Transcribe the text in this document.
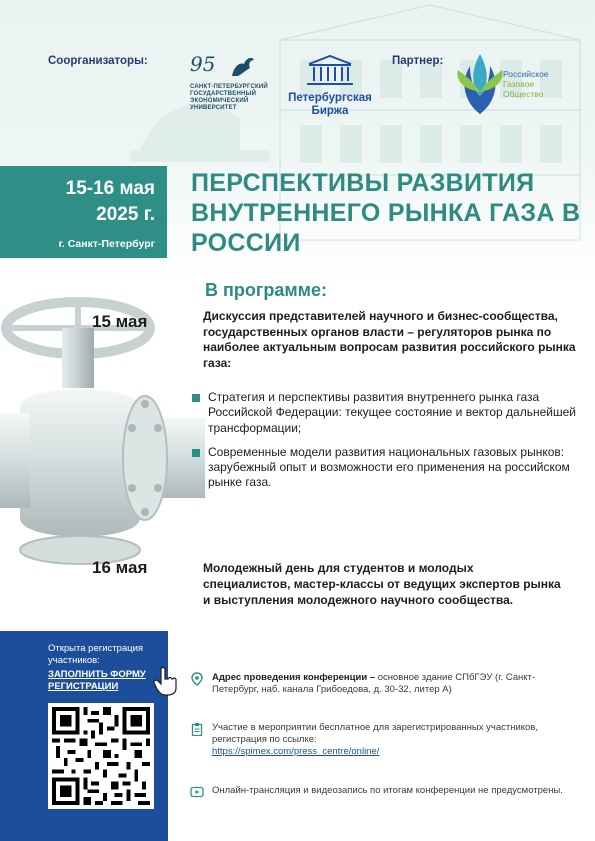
Соорганизаторы:	Партнер:
95
САНКТ-ПЕТЕРБУРГСКИЙ
ГОСУДАРСТВЕННЫЙ
ЭКОНОМИЧЕСКИЙ
УНИВЕРСИТЕТ
Петербургская
Биржа
Российское
Газовое
Общество
15-16 мая
2025 г.
г. Санкт-Петербург
ПЕРСПЕКТИВЫ РАЗВИТИЯ ВНУТРЕННЕГО РЫНКА ГАЗА В РОССИИ
В программе:
15 мая	Дискуссия представителей научного и бизнес-сообщества, государственных органов власти – регуляторов рынка по наиболее актуальным вопросам развития российского рынка газа:
Стратегия и перспективы развития внутреннего рынка газа Российской Федерации: текущее состояние и вектор дальнейшей трансформации;
Современные модели развития национальных газовых рынков: зарубежный опыт и возможности его применения на российском рынке газа.
16 мая	Молодежный день для студентов и молодых специалистов, мастер-классы от ведущих экспертов рынка и выступления молодежного научного сообщества.
Открыта регистрация участников:
ЗАПОЛНИТЬ ФОРМУ РЕГИСТРАЦИИ
Адрес проведения конференции – основное здание СПбГЭУ (г. Санкт-Петербург, наб. канала Грибоедова, д. 30-32, литер А)
Участие в мероприятии бесплатное для зарегистрированных участников, регистрация по ссылке:
https://spimex.com/press_centre/online/
Онлайн-трансляция и видеозапись по итогам конференции не предусмотрены.
